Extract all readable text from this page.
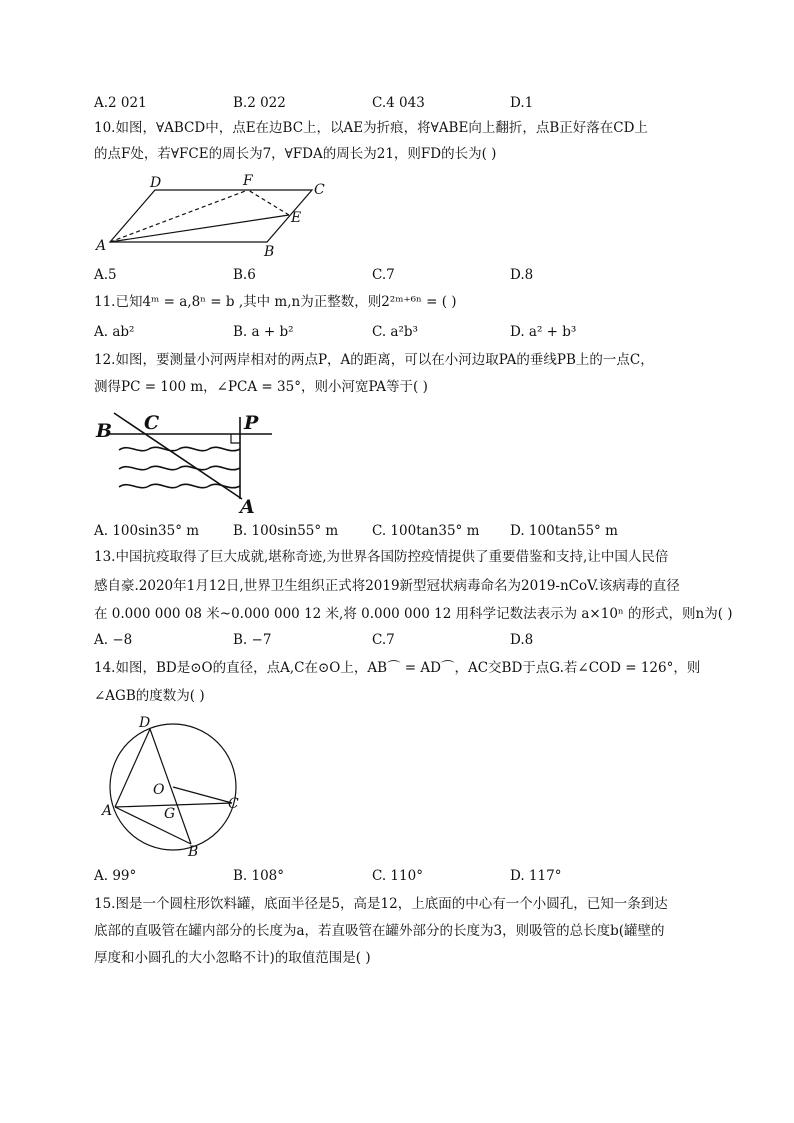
A.2 021	B.2 022	C.4 043	D.1
10.如图，∀ABCD中，点E在边BC上，以AE为折痕，将∀ABE向上翻折，点B正好落在CD上
的点F处，若∀FCE的周长为7，∀FDA的周长为21，则FD的长为( )
D	F
C
E
A	B
A.5	B.6	C.7	D.8
11.已知4ᵐ = a,8ⁿ = b ,其中 m,n为正整数，则2²ᵐ⁺⁶ⁿ = ( )
A. ab²	B. a + b²	C. a²b³	D. a² + b³
12.如图，要测量小河两岸相对的两点P，A的距离，可以在小河边取PA的垂线PB上的一点C，
测得PC = 100 m，∠PCA = 35°，则小河宽PA等于( )
B C	P
A
A. 100sin35° m	B. 100sin55° m	C. 100tan35° m D. 100tan55° m
13.中国抗疫取得了巨大成就,堪称奇迹,为世界各国防控疫情提供了重要借鉴和支持,让中国人民倍
感自豪.2020年1月12日,世界卫生组织正式将2019新型冠状病毒命名为2019-nCoV.该病毒的直径
在 0.000 000 08 米~0.000 000 12 米,将 0.000 000 12 用科学记数法表示为 a×10ⁿ 的形式，则n为( )
A. −8	B. −7	C.7	D.8
14.如图，BD是⊙O的直径，点A,C在⊙O上，AB⌒ = AD⌒，AC交BD于点G.若∠COD = 126°，则
∠AGB的度数为( )
D
O
A	G
C
B
A. 99°	B. 108°	C. 110°	D. 117°
15.图是一个圆柱形饮料罐，底面半径是5，高是12，上底面的中心有一个小圆孔，已知一条到达
底部的直吸管在罐内部分的长度为a，若直吸管在罐外部分的长度为3，则吸管的总长度b(罐壁的
厚度和小圆孔的大小忽略不计)的取值范围是( )
